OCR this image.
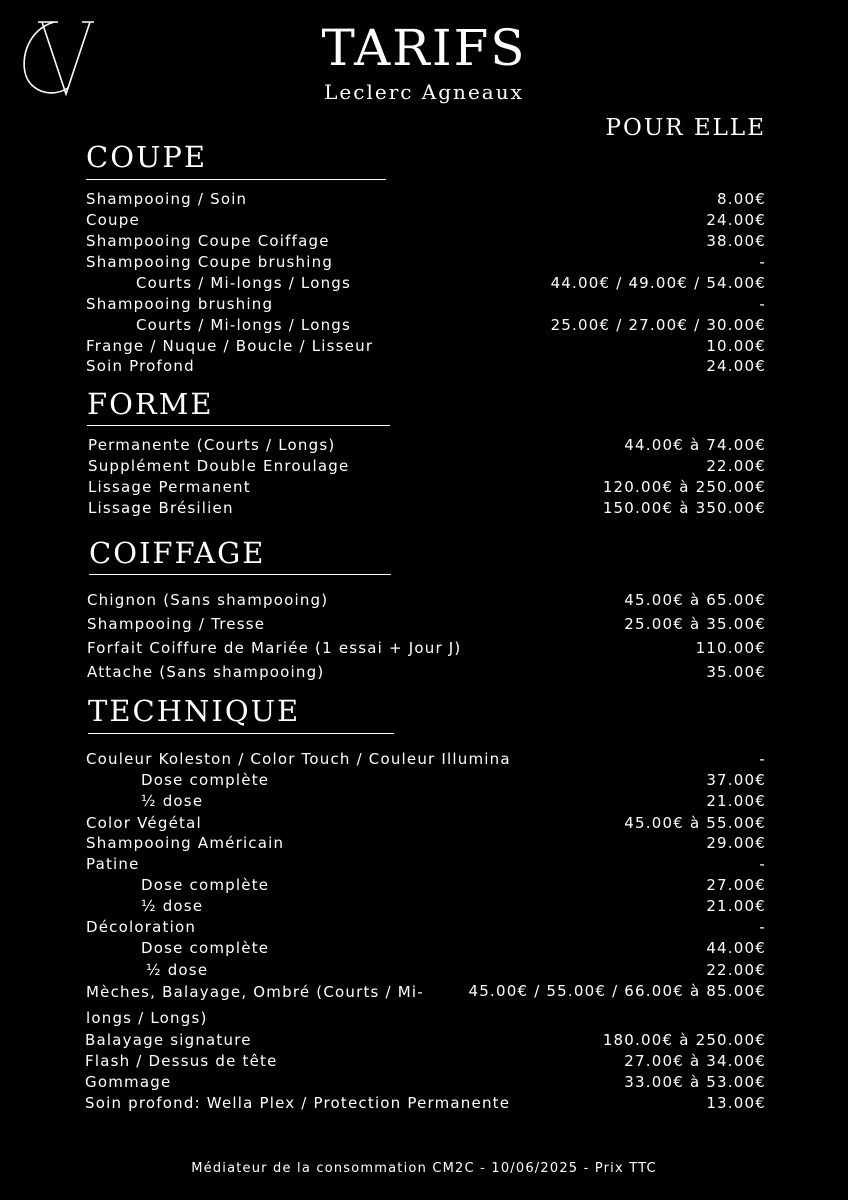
TARIFS
Leclerc Agneaux
POUR ELLE
COUPE
Shampooing / Soin	8.00€
Coupe	24.00€
Shampooing Coupe Coiffage	38.00€
Shampooing Coupe brushing	-
Courts / Mi-longs / Longs	44.00€ / 49.00€ / 54.00€
Shampooing brushing	-
Courts / Mi-longs / Longs	25.00€ / 27.00€ / 30.00€
Frange / Nuque / Boucle / Lisseur	10.00€
Soin Profond	24.00€
FORME
Permanente (Courts / Longs)	44.00€ à 74.00€
Supplément Double Enroulage	22.00€
Lissage Permanent	120.00€ à 250.00€
Lissage Brésilien	150.00€ à 350.00€
COIFFAGE
Chignon (Sans shampooing)	45.00€ à 65.00€
Shampooing / Tresse	25.00€ à 35.00€
Forfait Coiffure de Mariée (1 essai + Jour J)	110.00€
Attache (Sans shampooing)	35.00€
TECHNIQUE
Couleur Koleston / Color Touch / Couleur Illumina	-
Dose complète	37.00€
½ dose	21.00€
Color Végétal	45.00€ à 55.00€
Shampooing Américain	29.00€
Patine	-
Dose complète	27.00€
½ dose	21.00€
Décoloration	-
Dose complète	44.00€
½ dose	22.00€
Mèches, Balayage, Ombré (Courts / Mi-longs / Longs)
45.00€ / 55.00€ / 66.00€ à 85.00€
Balayage signature	180.00€ à 250.00€
Flash / Dessus de tête	27.00€ à 34.00€
Gommage	33.00€ à 53.00€
Soin profond: Wella Plex / Protection Permanente	13.00€
Médiateur de la consommation CM2C - 10/06/2025 - Prix TTC
